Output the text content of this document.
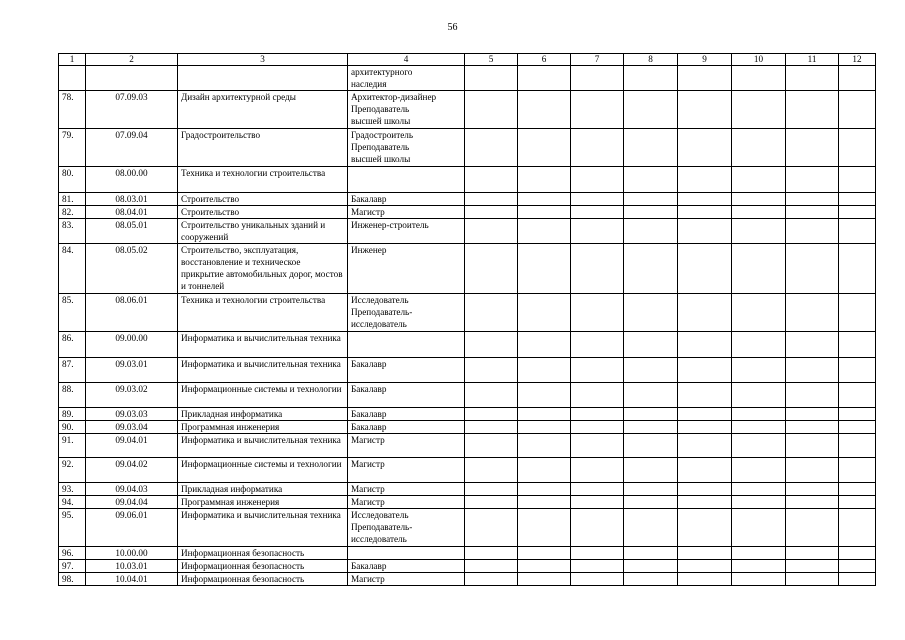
56
1	2	3	4	5	6	7	8	9	10	11	12
			архитектурного
наследия								
78.	07.09.03	Дизайн архитектурной среды	Архитектор-дизайнер
Преподаватель
высшей школы								
79.	07.09.04	Градостроительство	Градостроитель
Преподаватель
высшей школы								
80.	08.00.00	Техника и технологии строительства									
81.	08.03.01	Строительство	Бакалавр								
82.	08.04.01	Строительство	Магистр								
83.	08.05.01	Строительство уникальных зданий и сооружений	Инженер-строитель								
84.	08.05.02	Строительство, эксплуатация, восстановление и техническое прикрытие автомобильных дорог, мостов и тоннелей	Инженер								
85.	08.06.01	Техника и технологии строительства	Исследователь
Преподаватель-
исследователь								
86.	09.00.00	Информатика и вычислительная техника									
87.	09.03.01	Информатика и вычислительная техника	Бакалавр								
88.	09.03.02	Информационные системы и технологии	Бакалавр								
89.	09.03.03	Прикладная информатика	Бакалавр								
90.	09.03.04	Программная инженерия	Бакалавр								
91.	09.04.01	Информатика и вычислительная техника	Магистр								
92.	09.04.02	Информационные системы и технологии	Магистр								
93.	09.04.03	Прикладная информатика	Магистр								
94.	09.04.04	Программная инженерия	Магистр								
95.	09.06.01	Информатика и вычислительная техника	Исследователь
Преподаватель-
исследователь								
96.	10.00.00	Информационная безопасность									
97.	10.03.01	Информационная безопасность	Бакалавр								
98.	10.04.01	Информационная безопасность	Магистр								
